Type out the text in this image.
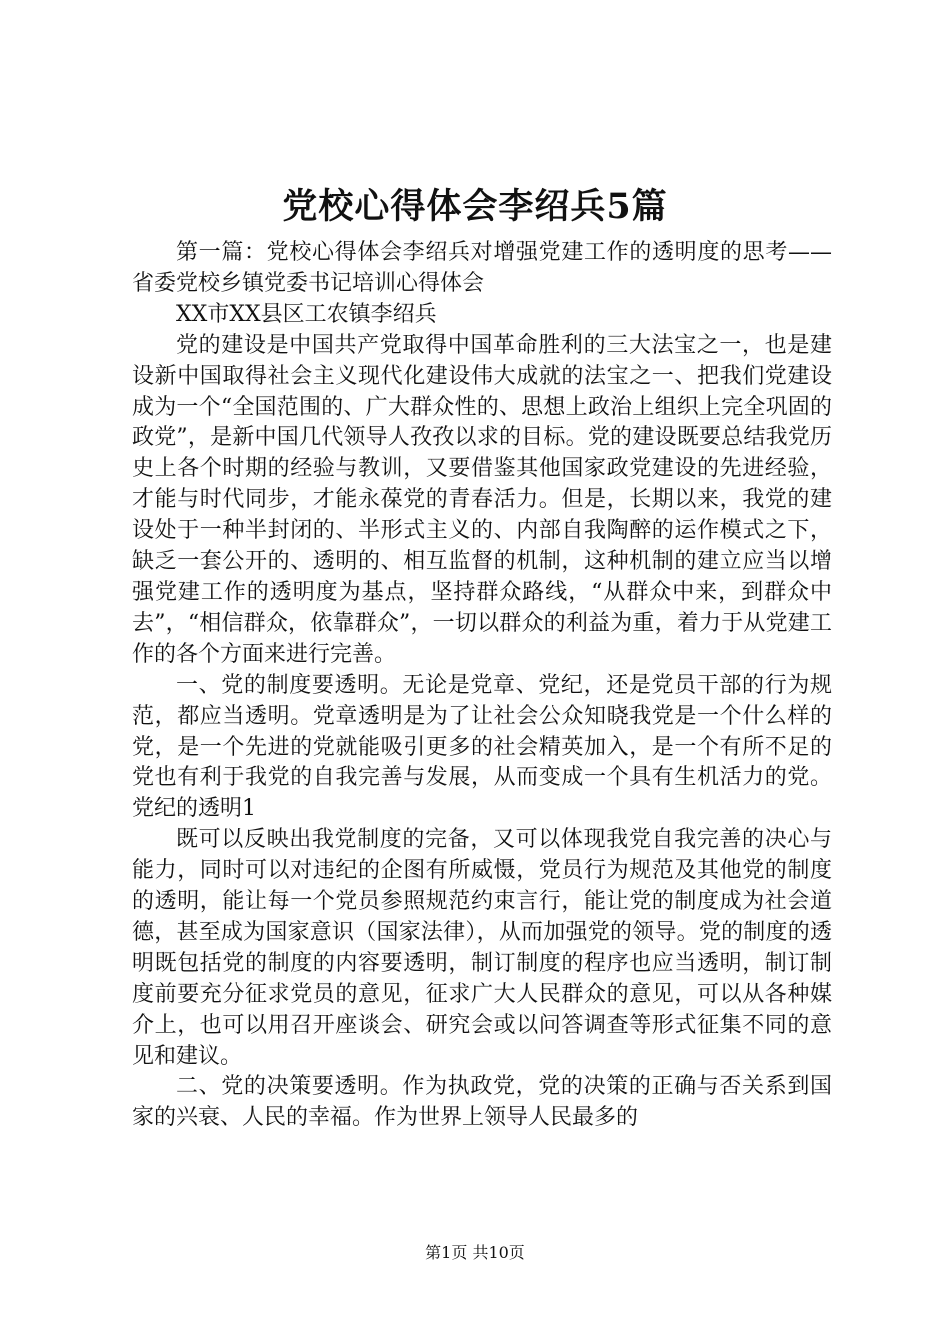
党校心得体会李绍兵5篇

第一篇：党校心得体会李绍兵对增强党建工作的透明度的思考——省委党校乡镇党委书记培训心得体会

XX市XX县区工农镇李绍兵

党的建设是中国共产党取得中国革命胜利的三大法宝之一，也是建设新中国取得社会主义现代化建设伟大成就的法宝之一、把我们党建设成为一个“全国范围的、广大群众性的、思想上政治上组织上完全巩固的政党”，是新中国几代领导人孜孜以求的目标。党的建设既要总结我党历史上各个时期的经验与教训，又要借鉴其他国家政党建设的先进经验，才能与时代同步，才能永葆党的青春活力。但是，长期以来，我党的建设处于一种半封闭的、半形式主义的、内部自我陶醉的运作模式之下，缺乏一套公开的、透明的、相互监督的机制，这种机制的建立应当以增强党建工作的透明度为基点，坚持群众路线，“从群众中来，到群众中去”，“相信群众，依靠群众”，一切以群众的利益为重，着力于从党建工作的各个方面来进行完善。

一、党的制度要透明。无论是党章、党纪，还是党员干部的行为规范，都应当透明。党章透明是为了让社会公众知晓我党是一个什么样的党，是一个先进的党就能吸引更多的社会精英加入，是一个有所不足的党也有利于我党的自我完善与发展，从而变成一个具有生机活力的党。党纪的透明1

既可以反映出我党制度的完备，又可以体现我党自我完善的决心与能力，同时可以对违纪的企图有所威慑，党员行为规范及其他党的制度的透明，能让每一个党员参照规范约束言行，能让党的制度成为社会道德，甚至成为国家意识（国家法律），从而加强党的领导。党的制度的透明既包括党的制度的内容要透明，制订制度的程序也应当透明，制订制度前要充分征求党员的意见，征求广大人民群众的意见，可以从各种媒介上，也可以用召开座谈会、研究会或以问答调查等形式征集不同的意见和建议。

二、党的决策要透明。作为执政党，党的决策的正确与否关系到国家的兴衰、人民的幸福。作为世界上领导人民最多的

第1页 共10页
